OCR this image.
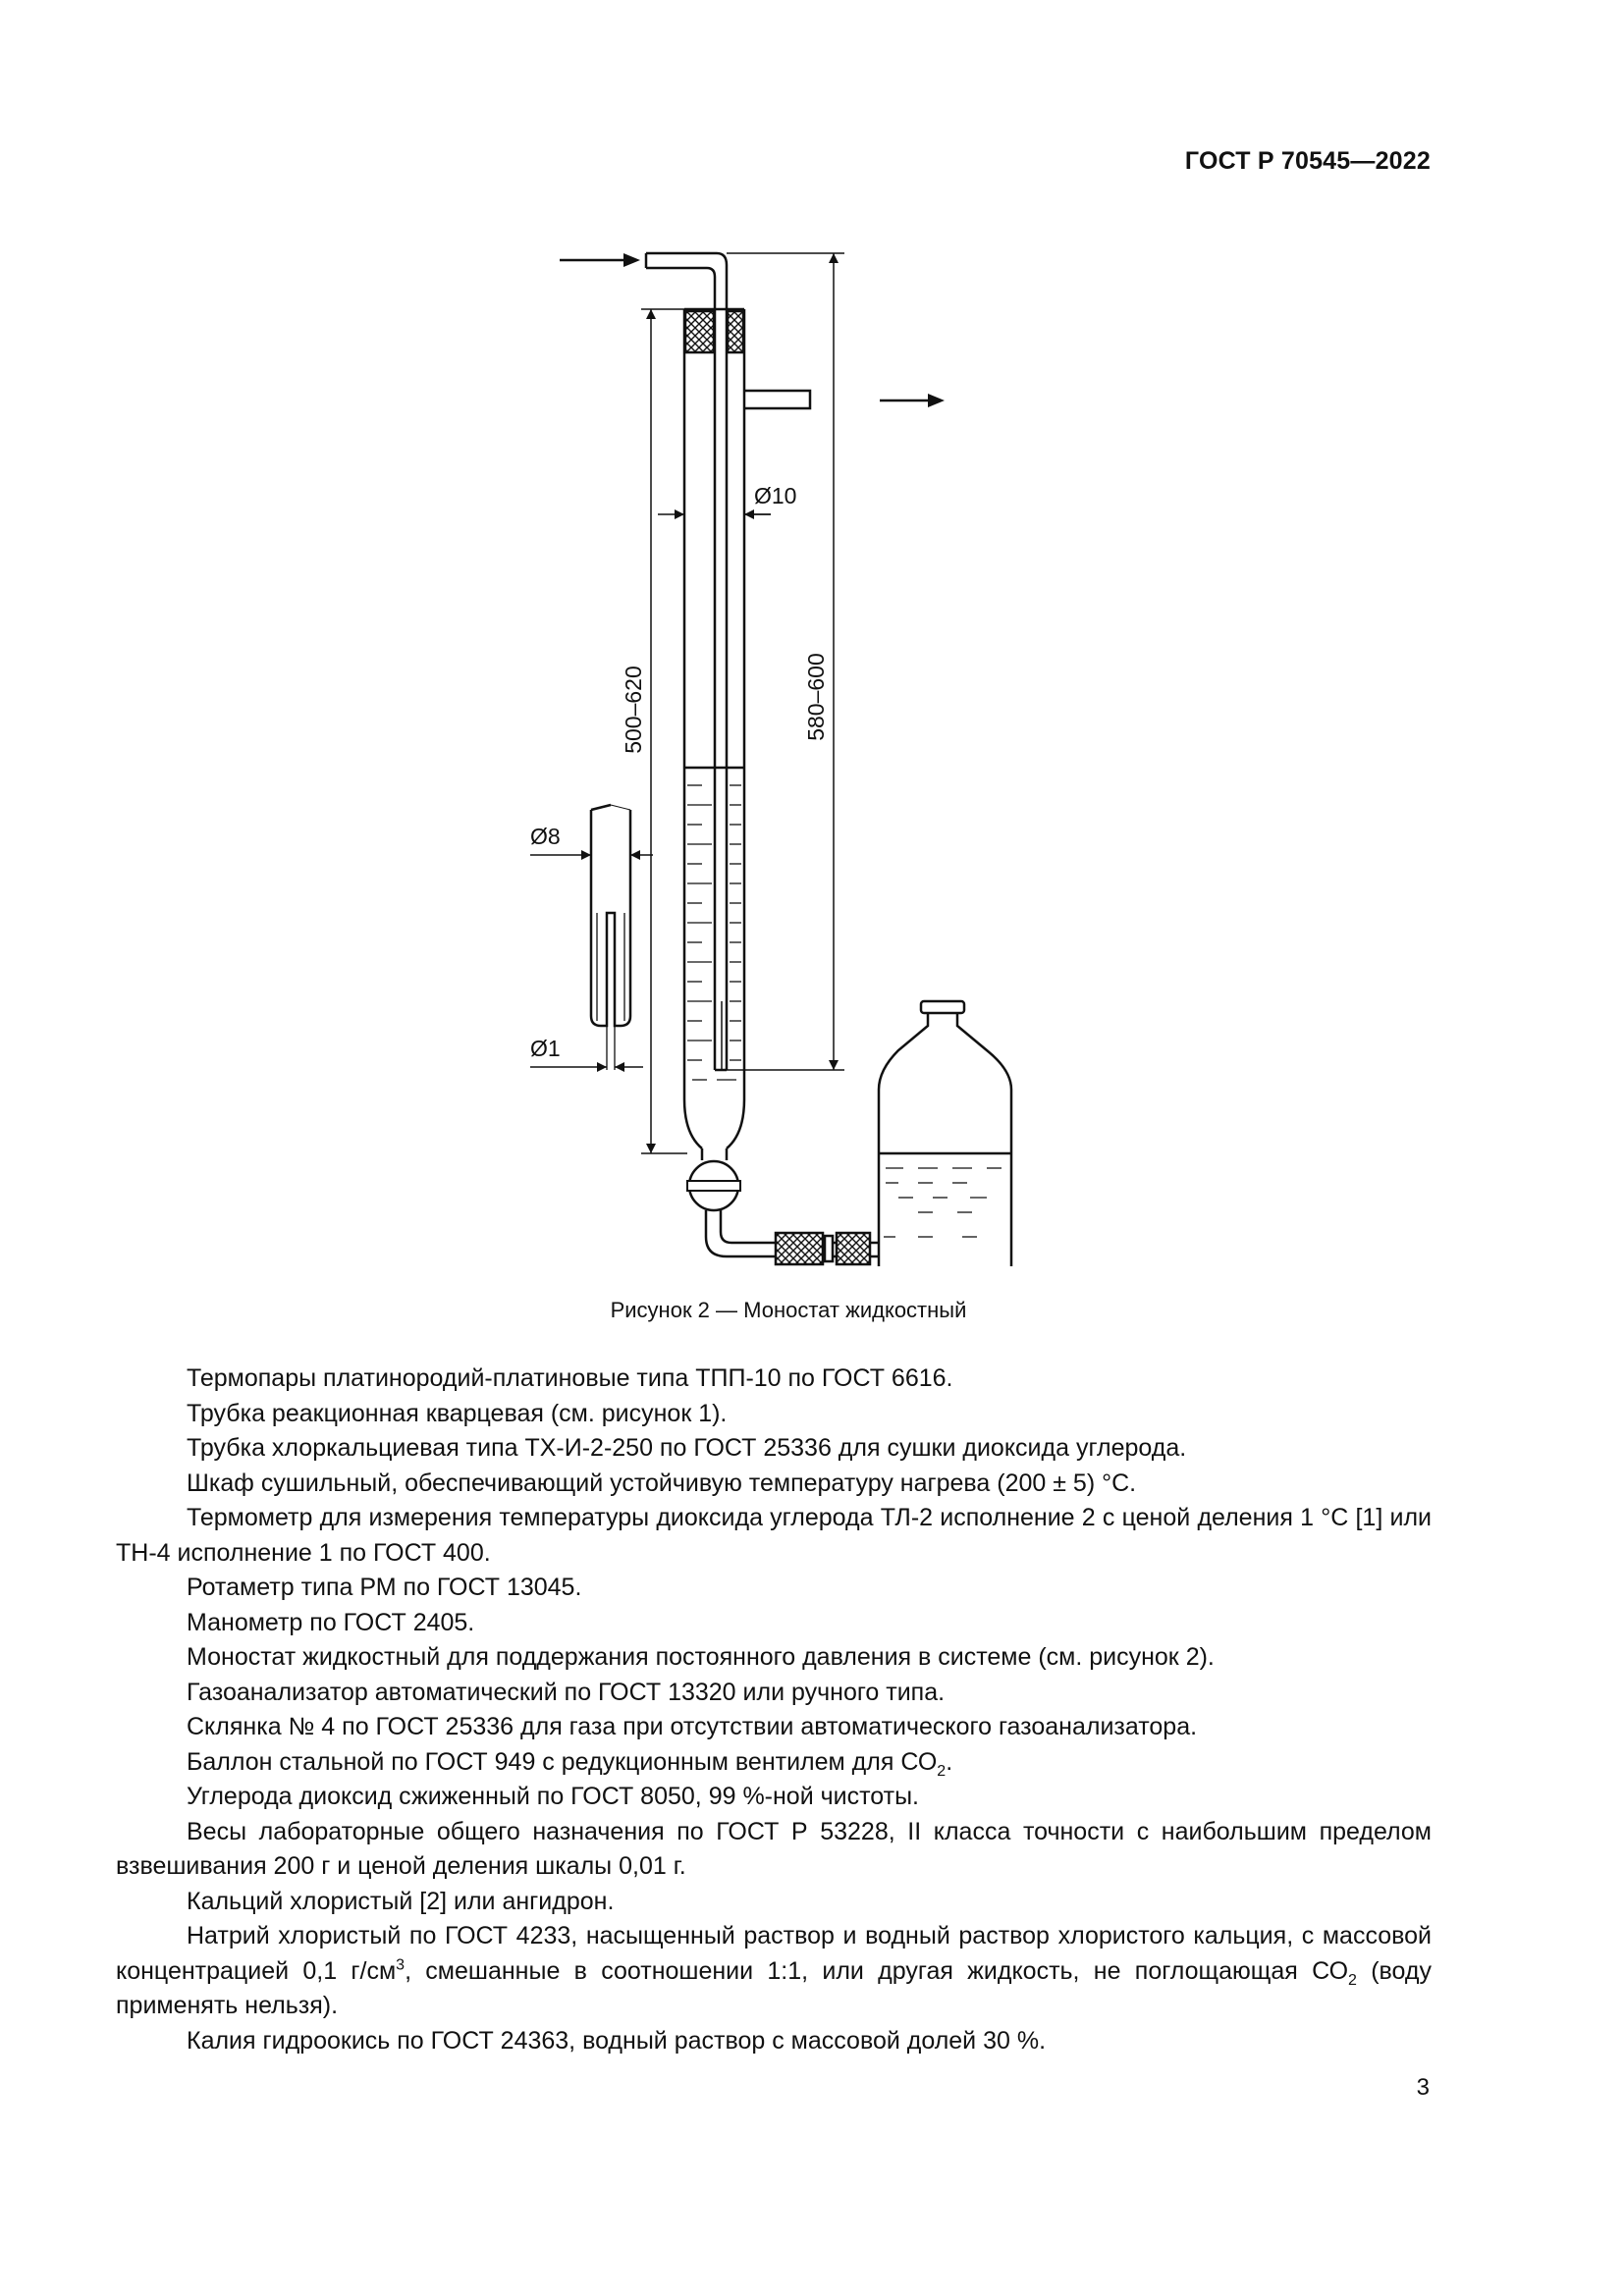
ГОСТ Р 70545—2022
Ø10
Ø8
Ø1
500–620	580–600
Рисунок 2 — Моностат жидкостный

Термопары платинородий-платиновые типа ТПП-10 по ГОСТ 6616.

Трубка реакционная кварцевая (см. рисунок 1).

Трубка хлоркальциевая типа ТХ-И-2-250 по ГОСТ 25336 для сушки диоксида углерода.

Шкаф сушильный, обеспечивающий устойчивую температуру нагрева (200 ± 5) °С.

Термометр для измерения температуры диоксида углерода ТЛ-2 исполнение 2 с ценой деления 1 °С [1] или ТН-4 исполнение 1 по ГОСТ 400.

Ротаметр типа РМ по ГОСТ 13045.

Манометр по ГОСТ 2405.

Моностат жидкостный для поддержания постоянного давления в системе (см. рисунок 2).

Газоанализатор автоматический по ГОСТ 13320 или ручного типа.

Склянка № 4 по ГОСТ 25336 для газа при отсутствии автоматического газоанализатора.

Баллон стальной по ГОСТ 949 с редукционным вентилем для $СО_2$.

Углерода диоксид сжиженный по ГОСТ 8050, 99 %-ной чистоты.

Весы лабораторные общего назначения по ГОСТ Р 53228, II класса точности с наибольшим пределом взвешивания 200 г и ценой деления шкалы 0,01 г.

Кальций хлористый [2] или ангидрон.

Натрий хлористый по ГОСТ 4233, насыщенный раствор и водный раствор хлористого кальция, с массовой концентрацией 0,1 $г/см^3$, смешанные в соотношении 1:1, или другая жидкость, не поглощающая $СО_2$ (воду применять нельзя).

Калия гидроокись по ГОСТ 24363, водный раствор с массовой долей 30 %.

3
